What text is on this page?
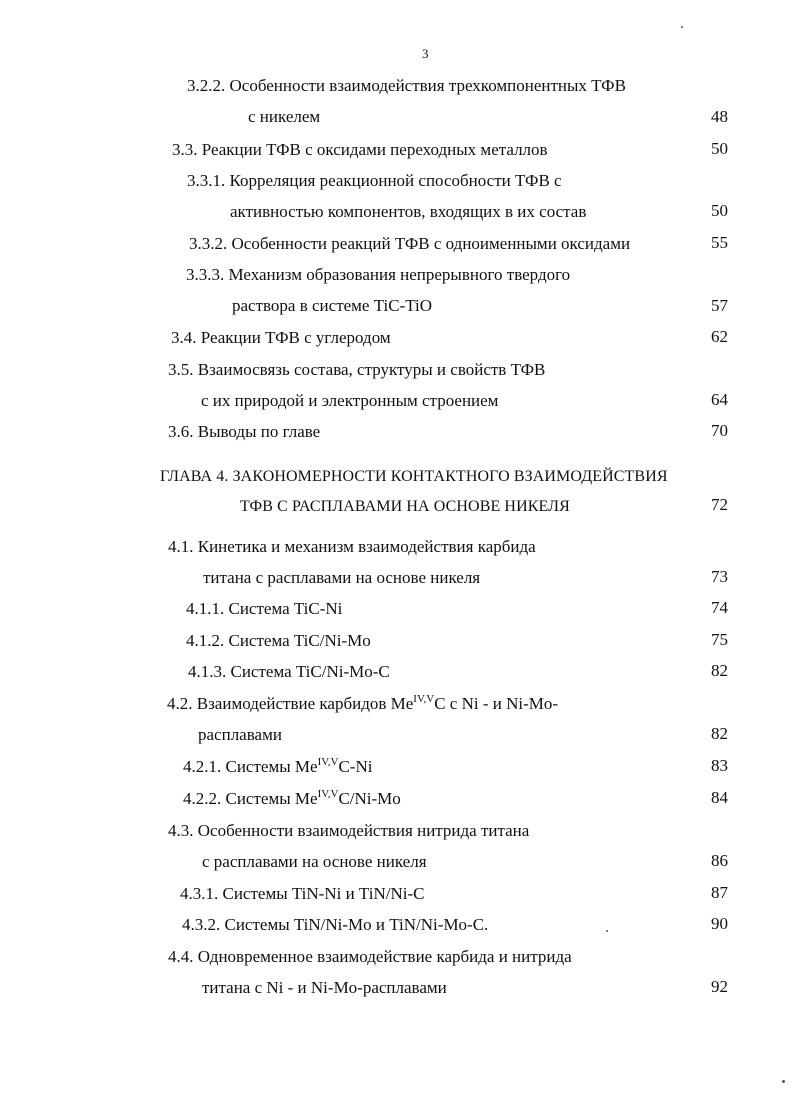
3
3.2.2. Особенности взаимодействия трехкомпонентных ТФВ
с никелем	48
3.3. Реакции ТФВ с оксидами переходных металлов	50
3.3.1. Корреляция реакционной способности ТФВ с
активностью компонентов, входящих в их состав	50
3.3.2. Особенности реакций ТФВ с одноименными оксидами	55
3.3.3. Механизм образования непрерывного твердого
раствора в системе TiC-TiO	57
3.4. Реакции ТФВ с углеродом	62
3.5. Взаимосвязь состава, структуры и свойств ТФВ
с их природой и электронным строением	64
3.6. Выводы по главе	70
ГЛАВА 4. ЗАКОНОМЕРНОСТИ КОНТАКТНОГО ВЗАИМОДЕЙСТВИЯ
ТФВ С РАСПЛАВАМИ НА ОСНОВЕ НИКЕЛЯ	72
4.1. Кинетика и механизм взаимодействия карбида
титана с расплавами на основе никеля	73
4.1.1. Система TiC-Ni	74
4.1.2. Система TiC/Ni-Mo	75
4.1.3. Система TiC/Ni-Mo-C	82
4.2. Взаимодействие карбидов $Me^{IV,V}C$ с Ni - и Ni-Mo-
расплавами	82
4.2.1. Системы $Me^{IV,V}C-Ni$	83
4.2.2. Системы $Me^{IV,V}C/Ni-Mo$	84
4.3. Особенности взаимодействия нитрида титана
с расплавами на основе никеля	86
4.3.1. Системы TiN-Ni и TiN/Ni-C	87
4.3.2. Системы TiN/Ni-Mo и TiN/Ni-Mo-C.	90
4.4. Одновременное взаимодействие карбида и нитрида
титана с Ni - и Ni-Mo-расплавами	92
